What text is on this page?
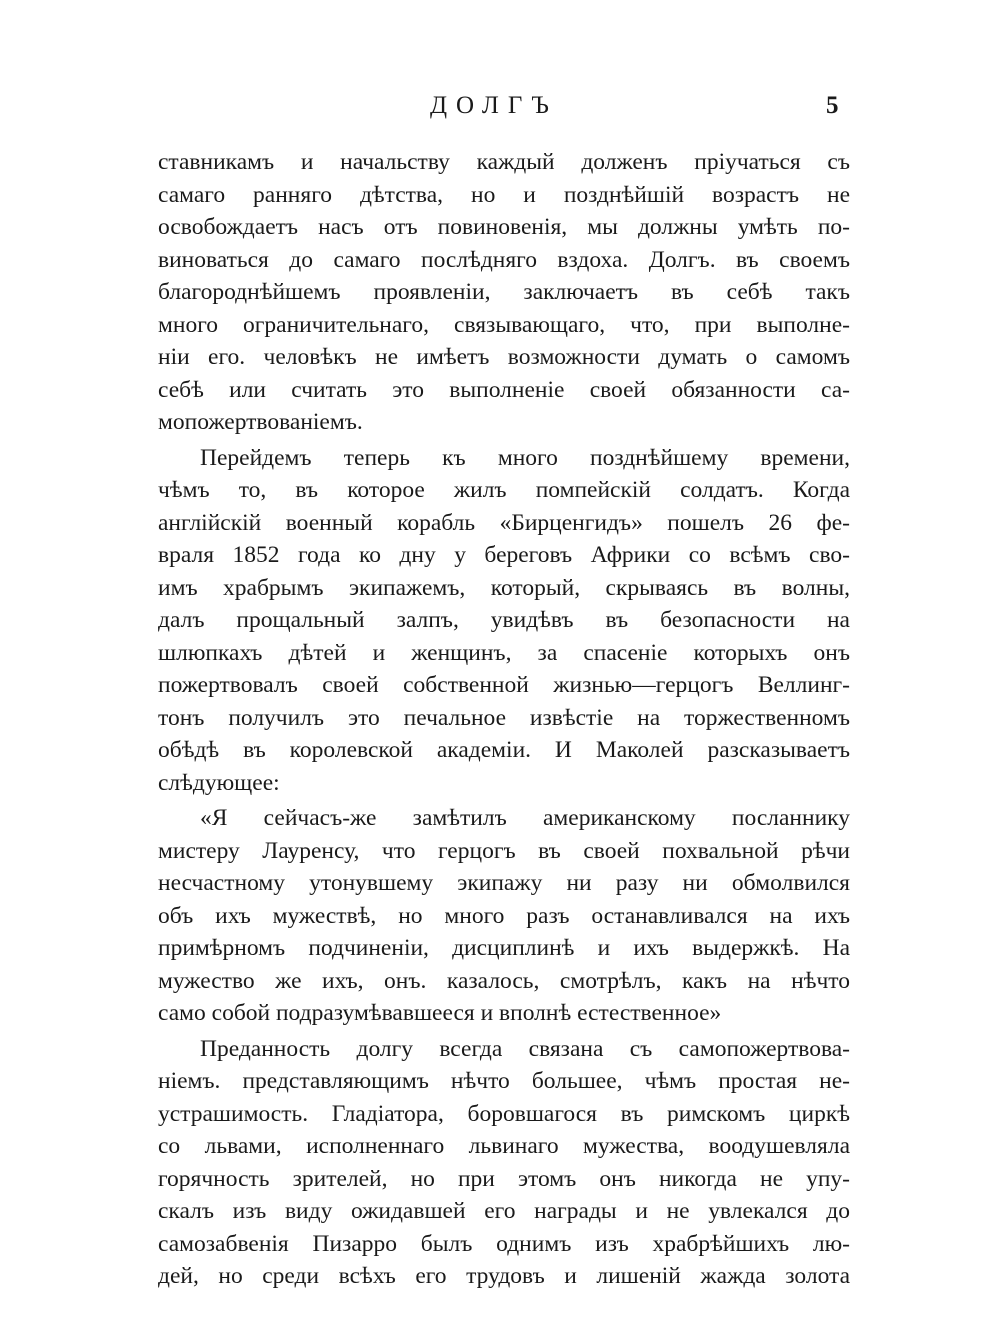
ДОЛГЪ	5
ставникамъ и начальству каждый долженъ пріучаться съ
самаго ранняго дѣтства, но и позднѣйшій возрастъ не
освобождаетъ насъ отъ повиновенія, мы должны умѣть по-
виноваться до самаго послѣдняго вздоха. Долгъ. въ своемъ
благороднѣйшемъ проявленіи, заключаетъ въ себѣ такъ
много ограничительнаго, связывающаго, что, при выполне-
ніи его. человѣкъ не имѣетъ возможности думать о самомъ
себѣ или считать это выполненіе своей обязанности са-
мопожертвованіемъ.
Перейдемъ теперь къ много позднѣйшему времени,
чѣмъ то, въ которое жилъ помпейскій солдатъ. Когда
англійскій военный корабль «Бирценгидъ» пошелъ 26 фе-
враля 1852 года ко дну у береговъ Африки со всѣмъ сво-
имъ храбрымъ экипажемъ, который, скрываясь въ волны,
далъ прощальный залпъ, увидѣвъ въ безопасности на
шлюпкахъ дѣтей и женщинъ, за спасеніе которыхъ онъ
пожертвовалъ своей собственной жизнью—герцогъ Веллинг-
тонъ получилъ это печальное извѣстіе на торжественномъ
обѣдѣ въ королевской академіи. И Маколей разсказываетъ
слѣдующее:
«Я сейчасъ-же замѣтилъ американскому посланнику
мистеру Лауренсу, что герцогъ въ своей похвальной рѣчи
несчастному утонувшему экипажу ни разу ни обмолвился
объ ихъ мужествѣ, но много разъ останавливался на ихъ
примѣрномъ подчиненіи, дисциплинѣ и ихъ выдержкѣ. На
мужество же ихъ, онъ. казалось, смотрѣлъ, какъ на нѣчто
само собой подразумѣвавшееся и вполнѣ естественное»
Преданность долгу всегда связана съ самопожертвова-
ніемъ. представляющимъ нѣчто большее, чѣмъ простая не-
устрашимость. Гладіатора, боровшагося въ римскомъ циркѣ
со львами, исполненнаго львинаго мужества, воодушевляла
горячность зрителей, но при этомъ онъ никогда не упу-
скалъ изъ виду ожидавшей его награды и не увлекался до
самозабвенія Пизарро былъ однимъ изъ храбрѣйшихъ лю-
дей, но среди всѣхъ его трудовъ и лишеній жажда золота
